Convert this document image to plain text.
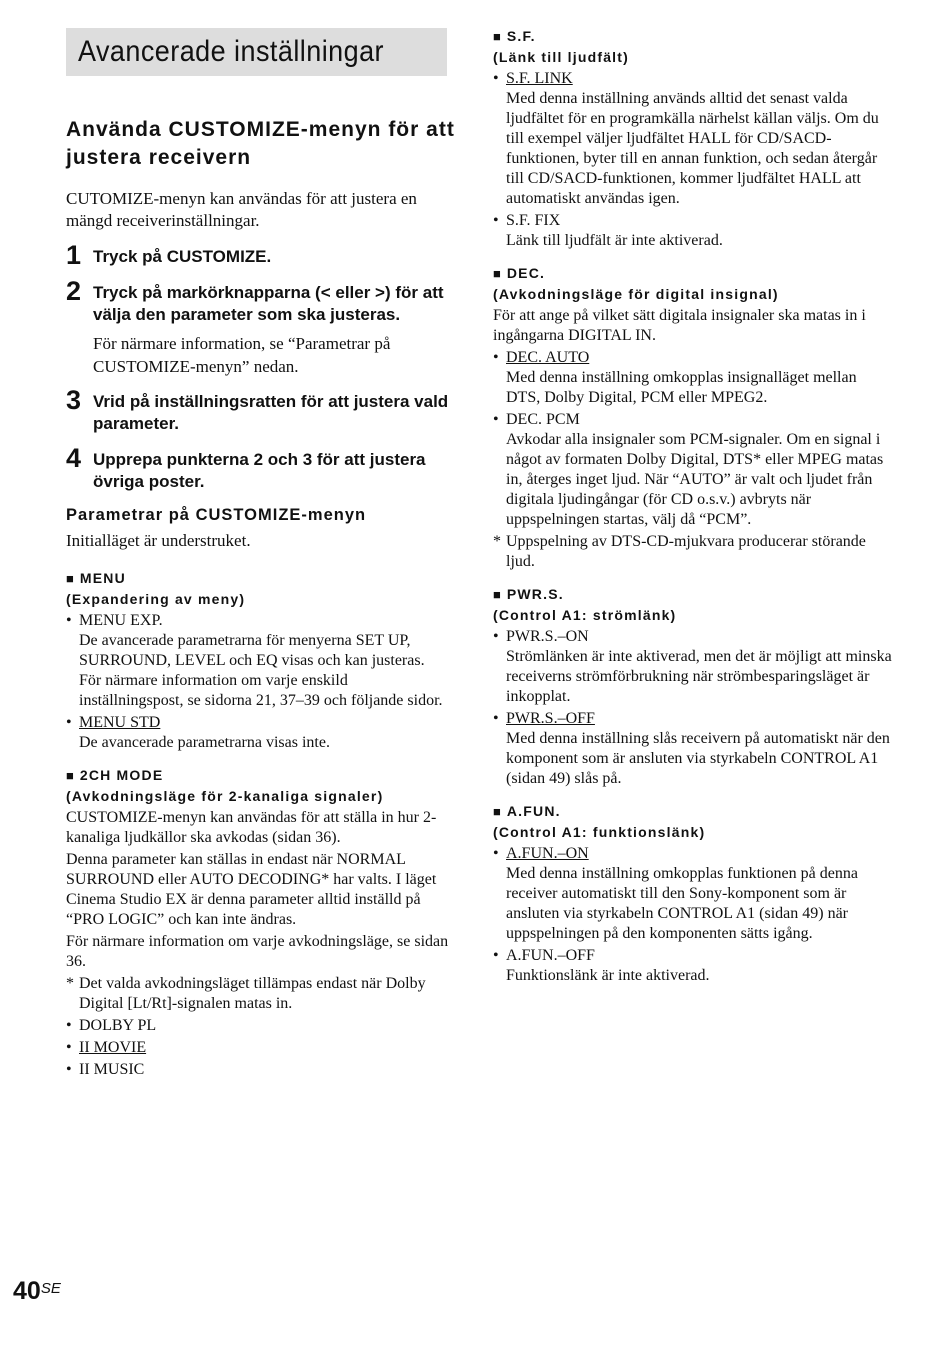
Avancerade inställningar
Använda CUSTOMIZE-menyn för att justera receivern

CUTOMIZE-menyn kan användas för att justera en mängd receiverinställningar.

1 Tryck på CUSTOMIZE.

2 Tryck på markörknapparna (< eller >) för att välja den parameter som ska justeras.

För närmare information, se “Parametrar på CUSTOMIZE-menyn” nedan.

3 Vrid på inställningsratten för att justera vald parameter.

4 Upprepa punkterna 2 och 3 för att justera övriga poster.

Parametrar på CUSTOMIZE-menyn

Initialläget är understruket.

■ MENU
(Expandering av meny)
• MENU EXP.
De avancerade parametrarna för menyerna SET UP, SURROUND, LEVEL och EQ visas och kan justeras.
För närmare information om varje enskild inställningspost, se sidorna 21, 37–39 och följande sidor.
• MENU STD
De avancerade parametrarna visas inte.
■ 2CH MODE
(Avkodningsläge för 2-kanaliga signaler)

CUSTOMIZE-menyn kan användas för att ställa in hur 2-kanaliga ljudkällor ska avkodas (sidan 36).

Denna parameter kan ställas in endast när NORMAL SURROUND eller AUTO DECODING* har valts. I läget Cinema Studio EX är denna parameter alltid inställd på “PRO LOGIC” och kan inte ändras.

För närmare information om varje avkodningsläge, se sidan 36.

* Det valda avkodningsläget tillämpas endast när Dolby Digital [Lt/Rt]-signalen matas in.
• DOLBY PL
• II MOVIE
• II MUSIC
■ S.F.
(Länk till ljudfält)
• S.F. LINK
Med denna inställning används alltid det senast valda ljudfältet för en programkälla närhelst källan väljs. Om du till exempel väljer ljudfältet HALL för CD/SACD-funktionen, byter till en annan funktion, och sedan återgår till CD/SACD-funktionen, kommer ljudfältet HALL att automatiskt användas igen.
• S.F. FIX
Länk till ljudfält är inte aktiverad.
■ DEC.
(Avkodningsläge för digital insignal)

För att ange på vilket sätt digitala insignaler ska matas in i ingångarna DIGITAL IN.

• DEC. AUTO
Med denna inställning omkopplas insignalläget mellan DTS, Dolby Digital, PCM eller MPEG2.
• DEC. PCM
Avkodar alla insignaler som PCM-signaler. Om en signal i något av formaten Dolby Digital, DTS* eller MPEG matas in, återges inget ljud. När “AUTO” är valt och ljudet från digitala ljudingångar (för CD o.s.v.) avbryts när uppspelningen startas, välj då “PCM”.
* Uppspelning av DTS-CD-mjukvara producerar störande ljud.
■ PWR.S.
(Control A1: strömlänk)
• PWR.S.–ON
Strömlänken är inte aktiverad, men det är möjligt att minska receiverns strömförbrukning när strömbesparingsläget är inkopplat.
• PWR.S.–OFF
Med denna inställning slås receivern på automatiskt när den komponent som är ansluten via styrkabeln CONTROL A1 (sidan 49) slås på.
■ A.FUN.
(Control A1: funktionslänk)
• A.FUN.–ON
Med denna inställning omkopplas funktionen på denna receiver automatiskt till den Sony-komponent som är ansluten via styrkabeln CONTROL A1 (sidan 49) när uppspelningen på den komponenten sätts igång.
• A.FUN.–OFF
Funktionslänk är inte aktiverad.
$40^{SE}$
